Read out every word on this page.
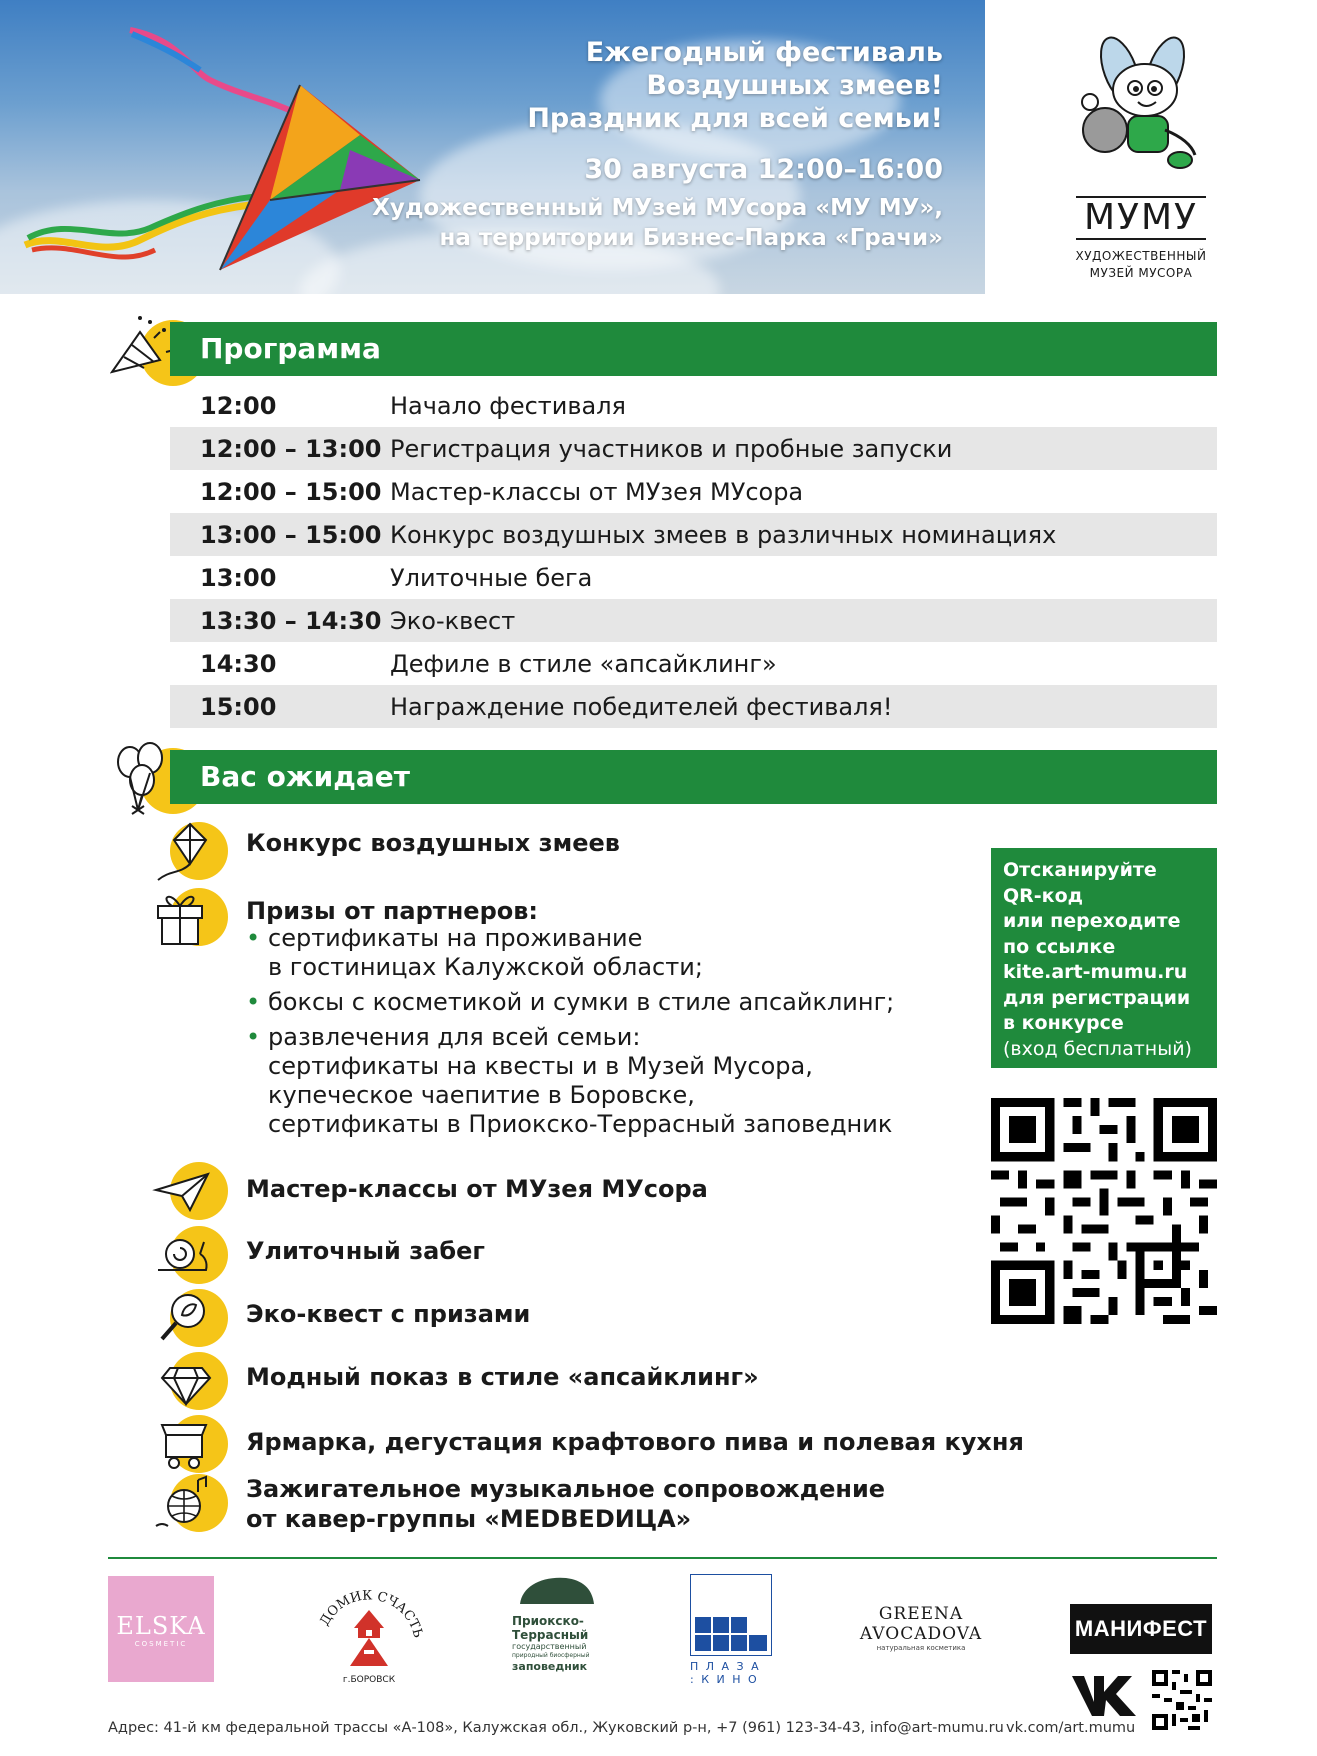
Ежегодный фестиваль
Воздушных змеев!
Праздник для всей семьи!
30 августа 12:00–16:00
Художественный МУзей МУсора «МУ МУ»,
на территории Бизнес-Парка «Грачи»	МУМУ
ХУДОЖЕСТВЕННЫЙ
МУЗЕЙ МУСОРА
Программа
12:00	Начало фестиваля
12:00 – 13:00 Регистрация участников и пробные запуски
12:00 – 15:00 Мастер-классы от МУзея МУсора
13:00 – 15:00 Конкурс воздушных змеев в различных номинациях
13:00	Улиточные бега
13:30 – 14:30 Эко-квест
14:30	Дефиле в стиле «апсайклинг»
15:00	Награждение победителей фестиваля!
Вас ожидает
Конкурс воздушных змеев
Призы от партнеров:
• сертификаты на проживание
в гостиницах Калужской области;
• боксы с косметикой и сумки в стиле апсайклинг;
• развлечения для всей семьи:
сертификаты на квесты и в Музей Мусора,
купеческое чаепитие в Боровске,
сертификаты в Приокско-Террасный заповедник
Мастер-классы от МУзея МУсора
Улиточный забег
Эко-квест с призами
Модный показ в стиле «апсайклинг»
Ярмарка, дегустация крафтового пива и полевая кухня
Зажигательное музыкальное сопровождение
от кавер-группы «MEDBEDИЦА»
Отсканируйте
QR-код
или переходите
по ссылке
kite.art-mumu.ru
для регистрации
в конкурсе
(вход бесплатный)
ELSKA
COSMETIC
ДОМИК СЧАСТЬ
г.БОРОВСК
Приокско-
Террасный
государственный
природный биосферный
заповедник	П Л А З А
: К И Н О
GREENA
AVOCADOVA
натуральная косметика
МАНИФЕСТ
Адрес: 41-й км федеральной трассы «А-108», Калужская обл., Жуковский р-н, +7 (961) 123-34-43, info@art-mumu.ru vk.com/art.mumu
